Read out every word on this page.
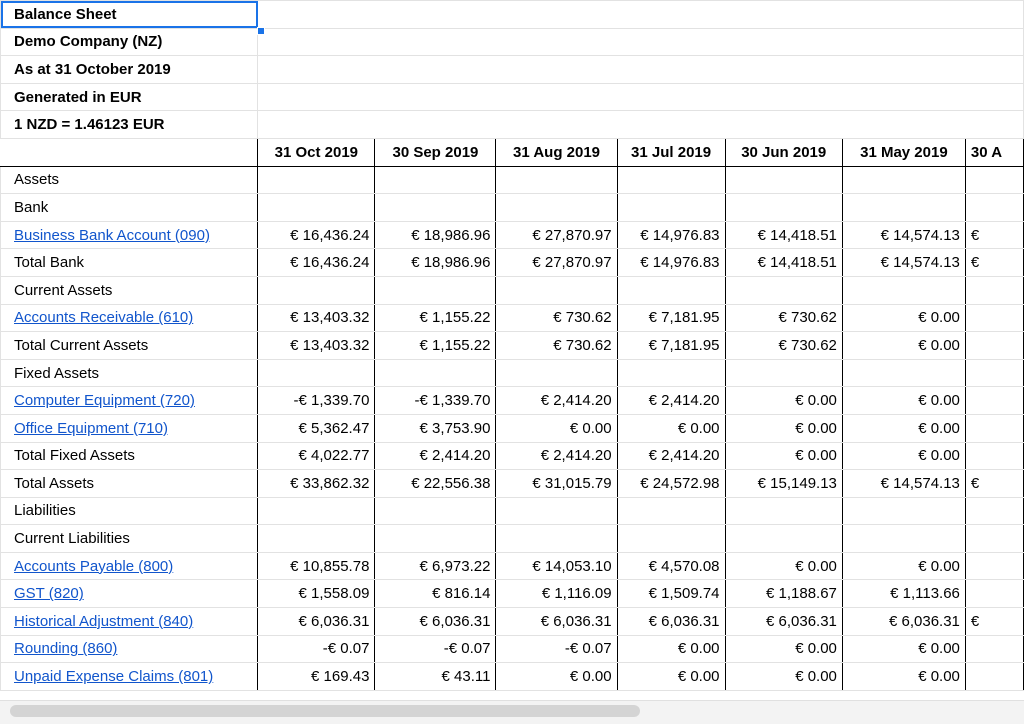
Balance Sheet							
Demo Company (NZ)							
As at 31 October 2019							
Generated in EUR							
1 NZD = 1.46123 EUR							
	31 Oct 2019	30 Sep 2019	31 Aug 2019	31 Jul 2019	30 Jun 2019	31 May 2019	30 A
Assets							
Bank							
Business Bank Account (090)	€ 16,436.24	€ 18,986.96	€ 27,870.97	€ 14,976.83	€ 14,418.51	€ 14,574.13	€
Total Bank	€ 16,436.24	€ 18,986.96	€ 27,870.97	€ 14,976.83	€ 14,418.51	€ 14,574.13	€
Current Assets							
Accounts Receivable (610)	€ 13,403.32	€ 1,155.22	€ 730.62	€ 7,181.95	€ 730.62	€ 0.00	
Total Current Assets	€ 13,403.32	€ 1,155.22	€ 730.62	€ 7,181.95	€ 730.62	€ 0.00	
Fixed Assets							
Computer Equipment (720)	-€ 1,339.70	-€ 1,339.70	€ 2,414.20	€ 2,414.20	€ 0.00	€ 0.00	
Office Equipment (710)	€ 5,362.47	€ 3,753.90	€ 0.00	€ 0.00	€ 0.00	€ 0.00	
Total Fixed Assets	€ 4,022.77	€ 2,414.20	€ 2,414.20	€ 2,414.20	€ 0.00	€ 0.00	
Total Assets	€ 33,862.32	€ 22,556.38	€ 31,015.79	€ 24,572.98	€ 15,149.13	€ 14,574.13	€
Liabilities							
Current Liabilities							
Accounts Payable (800)	€ 10,855.78	€ 6,973.22	€ 14,053.10	€ 4,570.08	€ 0.00	€ 0.00	
GST (820)	€ 1,558.09	€ 816.14	€ 1,116.09	€ 1,509.74	€ 1,188.67	€ 1,113.66	
Historical Adjustment (840)	€ 6,036.31	€ 6,036.31	€ 6,036.31	€ 6,036.31	€ 6,036.31	€ 6,036.31	€
Rounding (860)	-€ 0.07	-€ 0.07	-€ 0.07	€ 0.00	€ 0.00	€ 0.00	
Unpaid Expense Claims (801)	€ 169.43	€ 43.11	€ 0.00	€ 0.00	€ 0.00	€ 0.00	
